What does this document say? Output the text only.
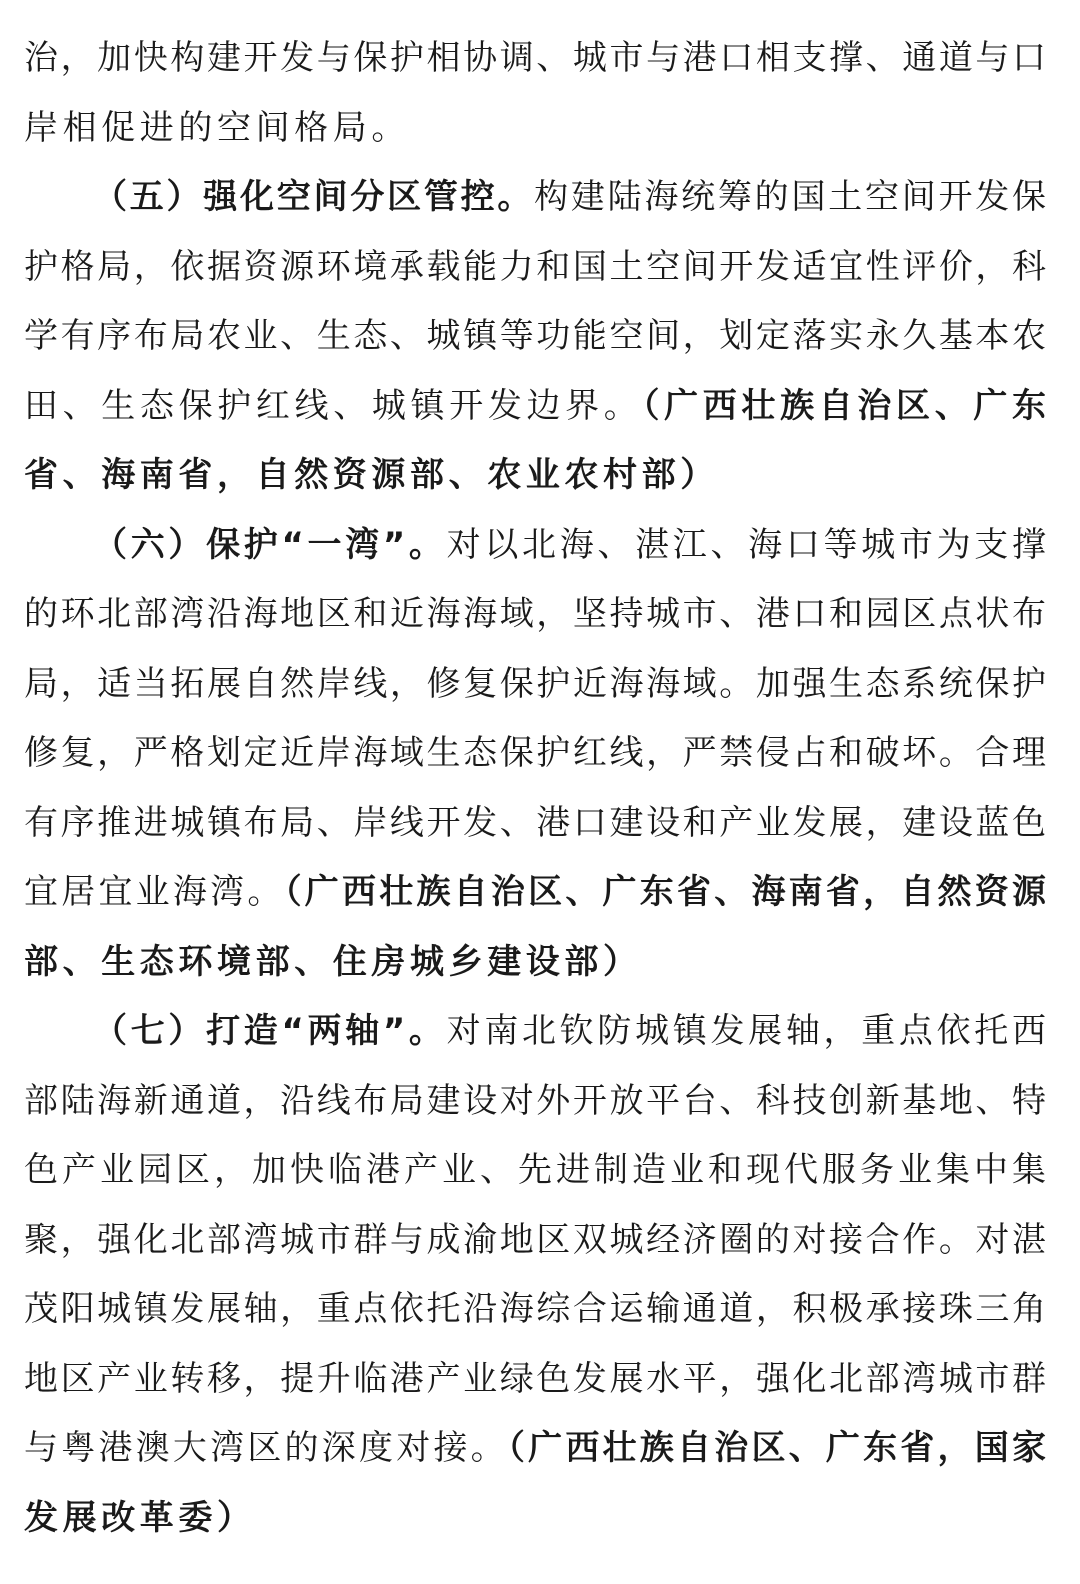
治，加快构建开发与保护相协调、城市与港口相支撑、通道与口
岸相促进的空间格局。
（五）强化空间分区管控。构建陆海统筹的国土空间开发保
护格局，依据资源环境承载能力和国土空间开发适宜性评价，科
学有序布局农业、生态、城镇等功能空间，划定落实永久基本农
田、生态保护红线、城镇开发边界。（广西壮族自治区、广东
省、海南省，自然资源部、农业农村部）
（六）保护“一湾”。对以北海、湛江、海口等城市为支撑
的环北部湾沿海地区和近海海域，坚持城市、港口和园区点状布
局，适当拓展自然岸线，修复保护近海海域。加强生态系统保护
修复，严格划定近岸海域生态保护红线，严禁侵占和破坏。合理
有序推进城镇布局、岸线开发、港口建设和产业发展，建设蓝色
宜居宜业海湾。（广西壮族自治区、广东省、海南省，自然资源
部、生态环境部、住房城乡建设部）
（七）打造“两轴”。对南北钦防城镇发展轴，重点依托西
部陆海新通道，沿线布局建设对外开放平台、科技创新基地、特
色产业园区，加快临港产业、先进制造业和现代服务业集中集
聚，强化北部湾城市群与成渝地区双城经济圈的对接合作。对湛
茂阳城镇发展轴，重点依托沿海综合运输通道，积极承接珠三角
地区产业转移，提升临港产业绿色发展水平，强化北部湾城市群
与粤港澳大湾区的深度对接。（广西壮族自治区、广东省，国家
发展改革委）
